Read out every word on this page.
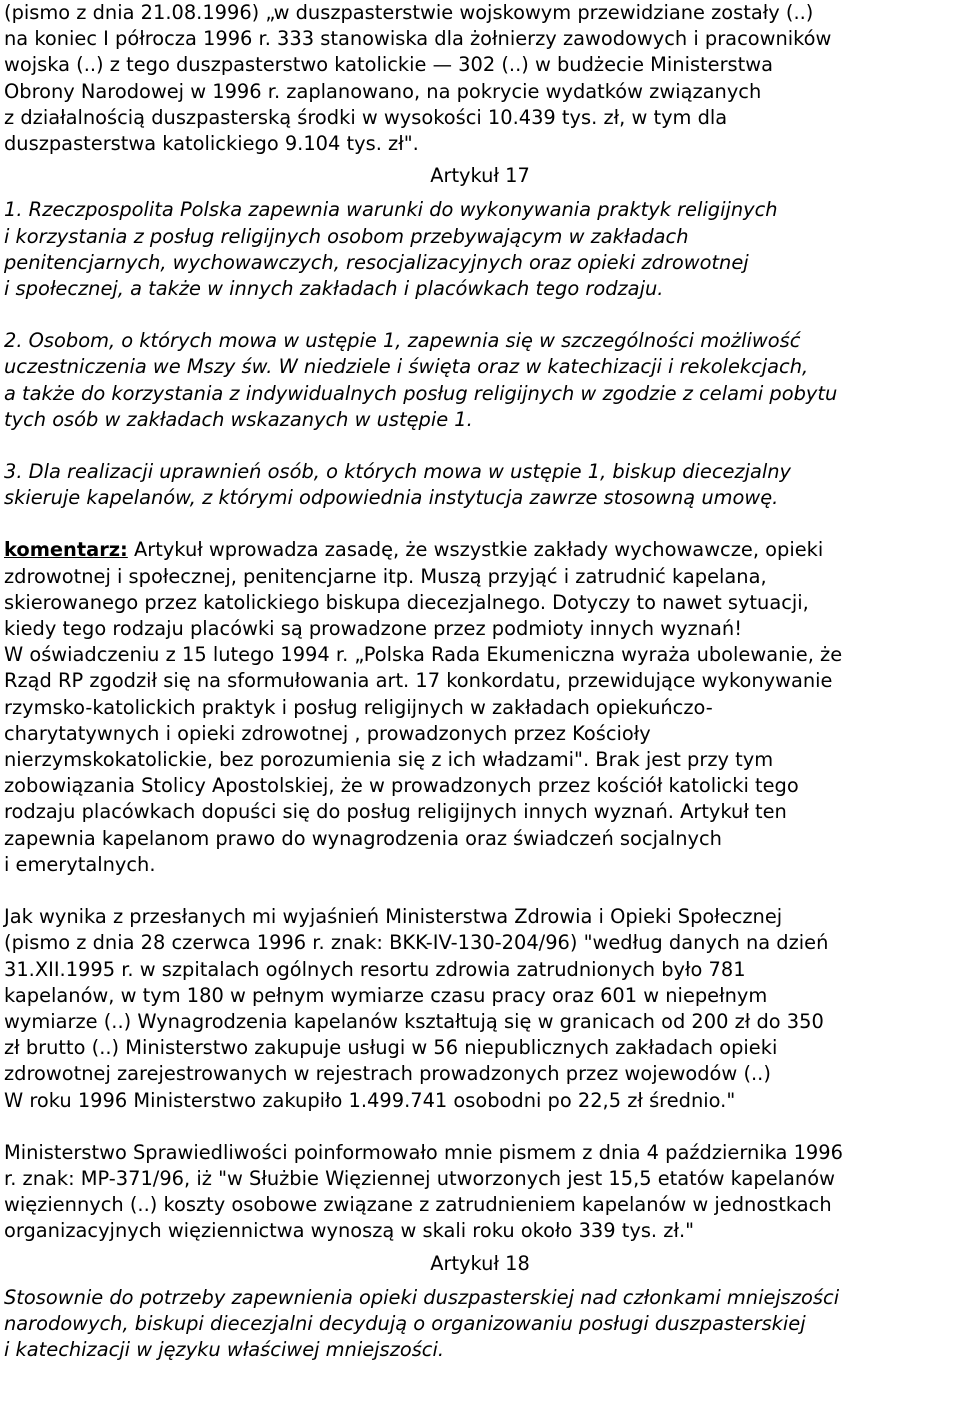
(pismo z dnia 21.08.1996) „w duszpasterstwie wojskowym przewidziane zostały (..)
na koniec I półrocza 1996 r. 333 stanowiska dla żołnierzy zawodowych i pracowników
wojska (..) z tego duszpasterstwo katolickie — 302 (..) w budżecie Ministerstwa
Obrony Narodowej w 1996 r. zaplanowano, na pokrycie wydatków związanych
z działalnością duszpasterską środki w wysokości 10.439 tys. zł, w tym dla
duszpasterstwa katolickiego 9.104 tys. zł".

Artykuł 17

1. Rzeczpospolita Polska zapewnia warunki do wykonywania praktyk religijnych
i korzystania z posług religijnych osobom przebywającym w zakładach
penitencjarnych, wychowawczych, resocjalizacyjnych oraz opieki zdrowotnej
i społecznej, a także w innych zakładach i placówkach tego rodzaju.

2. Osobom, o których mowa w ustępie 1, zapewnia się w szczególności możliwość
uczestniczenia we Mszy św. W niedziele i święta oraz w katechizacji i rekolekcjach,
a także do korzystania z indywidualnych posług religijnych w zgodzie z celami pobytu
tych osób w zakładach wskazanych w ustępie 1.

3. Dla realizacji uprawnień osób, o których mowa w ustępie 1, biskup diecezjalny
skieruje kapelanów, z którymi odpowiednia instytucja zawrze stosowną umowę.

komentarz: Artykuł wprowadza zasadę, że wszystkie zakłady wychowawcze, opieki
zdrowotnej i społecznej, penitencjarne itp. Muszą przyjąć i zatrudnić kapelana,
skierowanego przez katolickiego biskupa diecezjalnego. Dotyczy to nawet sytuacji,
kiedy tego rodzaju placówki są prowadzone przez podmioty innych wyznań!
W oświadczeniu z 15 lutego 1994 r. „Polska Rada Ekumeniczna wyraża ubolewanie, że
Rząd RP zgodził się na sformułowania art. 17 konkordatu, przewidujące wykonywanie
rzymsko-katolickich praktyk i posług religijnych w zakładach opiekuńczo-
charytatywnych i opieki zdrowotnej , prowadzonych przez Kościoły
nierzymskokatolickie, bez porozumienia się z ich władzami". Brak jest przy tym
zobowiązania Stolicy Apostolskiej, że w prowadzonych przez kościół katolicki tego
rodzaju placówkach dopuści się do posług religijnych innych wyznań. Artykuł ten
zapewnia kapelanom prawo do wynagrodzenia oraz świadczeń socjalnych
i emerytalnych.

Jak wynika z przesłanych mi wyjaśnień Ministerstwa Zdrowia i Opieki Społecznej
(pismo z dnia 28 czerwca 1996 r. znak: BKK-IV-130-204/96) "według danych na dzień
31.XII.1995 r. w szpitalach ogólnych resortu zdrowia zatrudnionych było 781
kapelanów, w tym 180 w pełnym wymiarze czasu pracy oraz 601 w niepełnym
wymiarze (..) Wynagrodzenia kapelanów kształtują się w granicach od 200 zł do 350
zł brutto (..) Ministerstwo zakupuje usługi w 56 niepublicznych zakładach opieki
zdrowotnej zarejestrowanych w rejestrach prowadzonych przez wojewodów (..)
W roku 1996 Ministerstwo zakupiło 1.499.741 osobodni po 22,5 zł średnio."

Ministerstwo Sprawiedliwości poinformowało mnie pismem z dnia 4 października 1996
r. znak: MP-371/96, iż "w Służbie Więziennej utworzonych jest 15,5 etatów kapelanów
więziennych (..) koszty osobowe związane z zatrudnieniem kapelanów w jednostkach
organizacyjnych więziennictwa wynoszą w skali roku około 339 tys. zł."

Artykuł 18

Stosownie do potrzeby zapewnienia opieki duszpasterskiej nad członkami mniejszości
narodowych, biskupi diecezjalni decydują o organizowaniu posługi duszpasterskiej
i katechizacji w języku właściwej mniejszości.
